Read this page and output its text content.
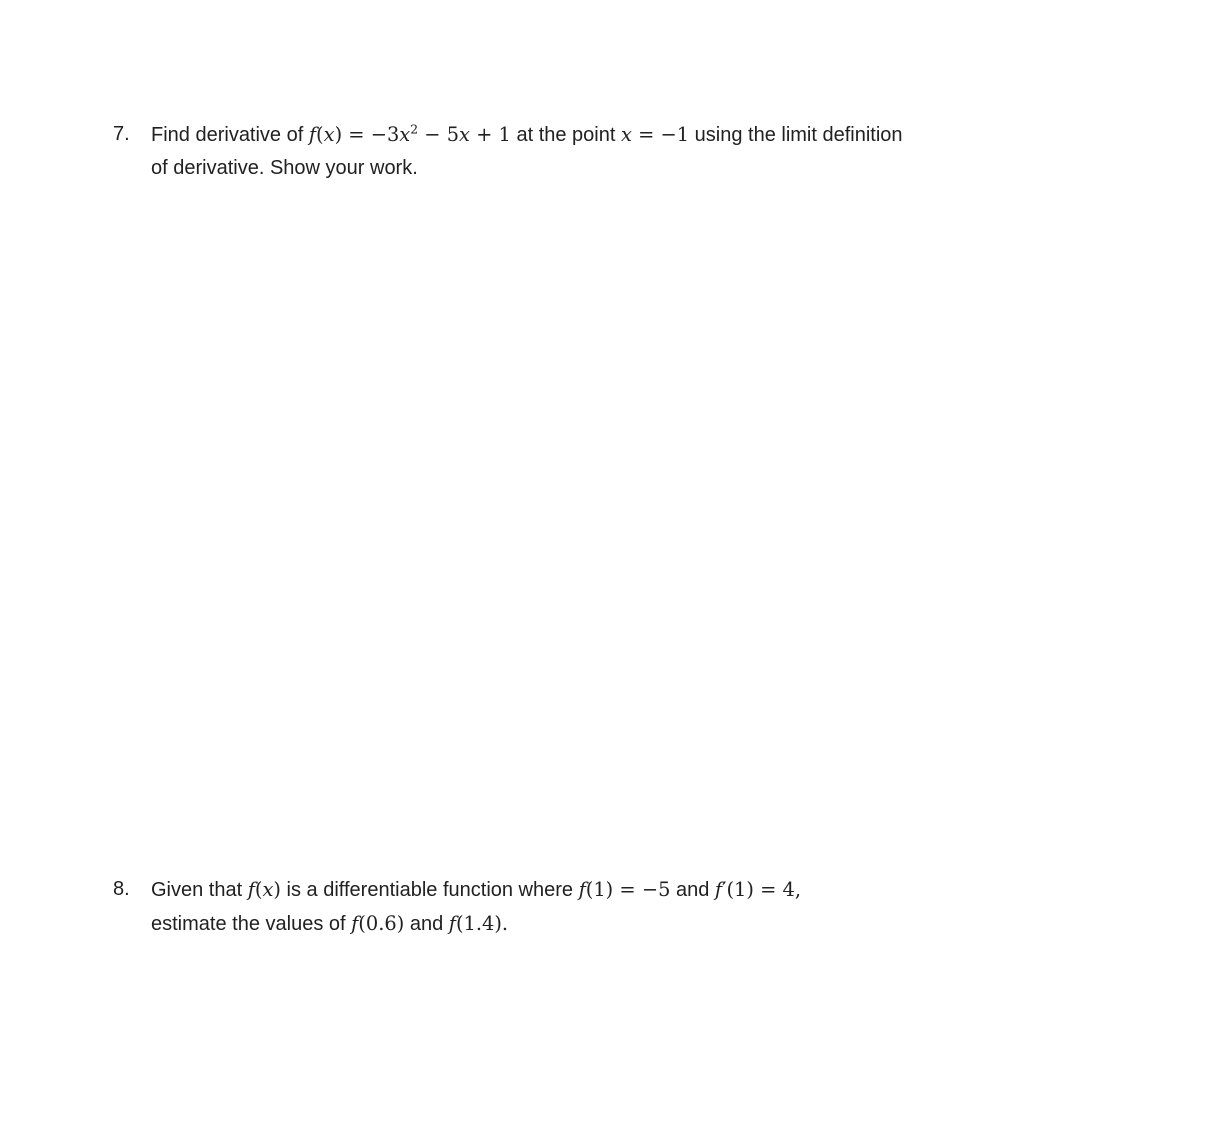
7.	Find derivative of $f(x) = -3x^2 - 5x + 1$ at the point x = −1 using the limit definition
of derivative. Show your work.
8.	Given that f(x) is a differentiable function where f(1) = −5 and f′(1) = 4,
estimate the values of f(0.6) and f(1.4).
